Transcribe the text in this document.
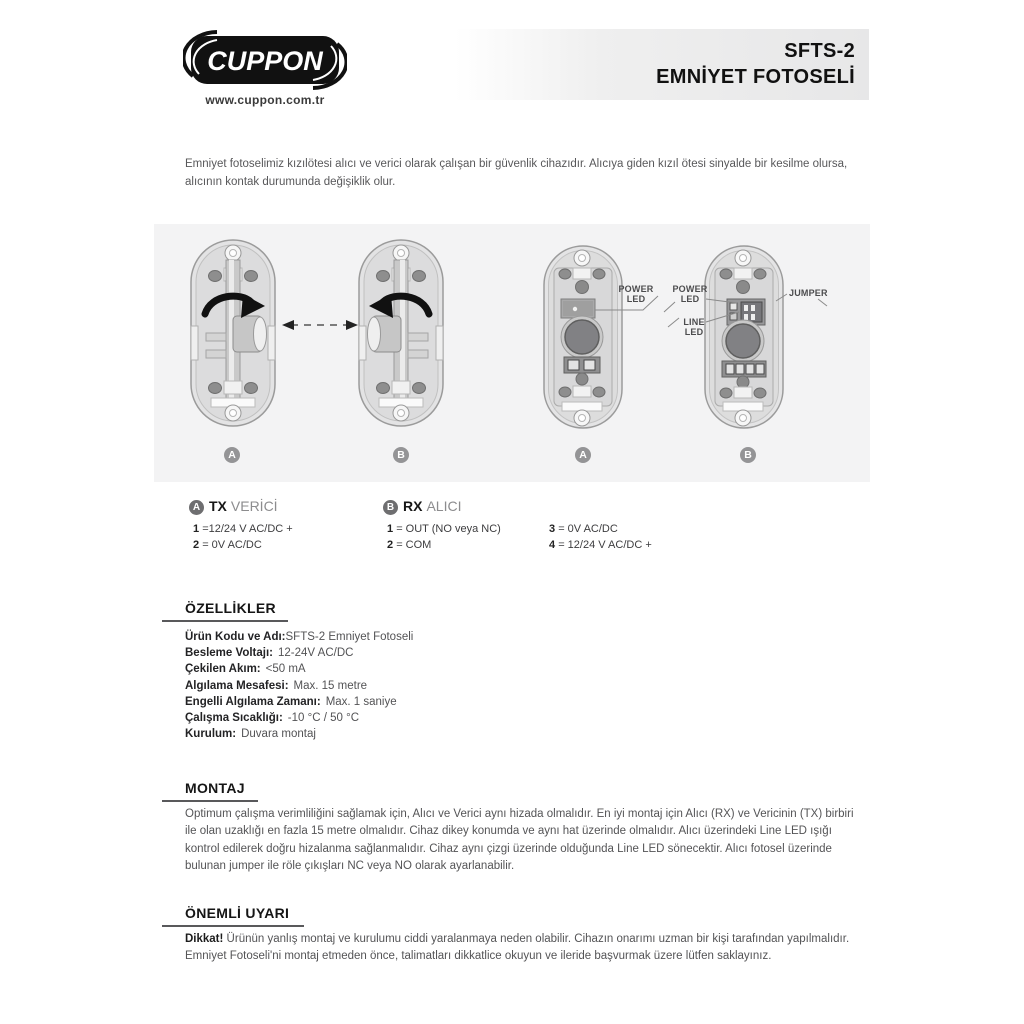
CUPPON
www.cuppon.com.tr
SFTS-2
EMNİYET FOTOSELİ
Emniyet fotoselimiz kızılötesi alıcı ve verici olarak çalışan bir güvenlik cihazıdır. Alıcıya giden kızıl ötesi sinyalde bir kesilme olursa, alıcının kontak durumunda değişiklik olur.
POWER LED
POWER LED
LINE LED
JUMPER
A	B	A	B
A TX VERİCİ
1 =12/24 V AC/DC +
2 = 0V AC/DC
B RX ALICI
1 = OUT (NO veya NC)
2 = COM
3 = 0V AC/DC
4 = 12/24 V AC/DC +
ÖZELLİKLER
Ürün Kodu ve Adı:SFTS-2 Emniyet Fotoseli
Besleme Voltajı: 12-24V AC/DC
Çekilen Akım: <50 mA
Algılama Mesafesi: Max. 15 metre
Engelli Algılama Zamanı: Max. 1 saniye
Çalışma Sıcaklığı: -10 °C / 50 °C
Kurulum: Duvara montaj
MONTAJ
Optimum çalışma verimliliğini sağlamak için, Alıcı ve Verici aynı hizada olmalıdır. En iyi montaj için Alıcı (RX) ve Vericinin (TX) birbiri ile olan uzaklığı en fazla 15 metre olmalıdır. Cihaz dikey konumda ve aynı hat üzerinde olmalıdır. Alıcı üzerindeki Line LED ışığı kontrol edilerek doğru hizalanma sağlanmalıdır. Cihaz aynı çizgi üzerinde olduğunda Line LED sönecektir. Alıcı fotosel üzerinde bulunan jumper ile röle çıkışları NC veya NO olarak ayarlanabilir.
ÖNEMLİ UYARI
Dikkat! Ürünün yanlış montaj ve kurulumu ciddi yaralanmaya neden olabilir. Cihazın onarımı uzman bir kişi tarafından yapılmalıdır. Emniyet Fotoseli'ni montaj etmeden önce, talimatları dikkatlice okuyun ve ileride başvurmak üzere lütfen saklayınız.
